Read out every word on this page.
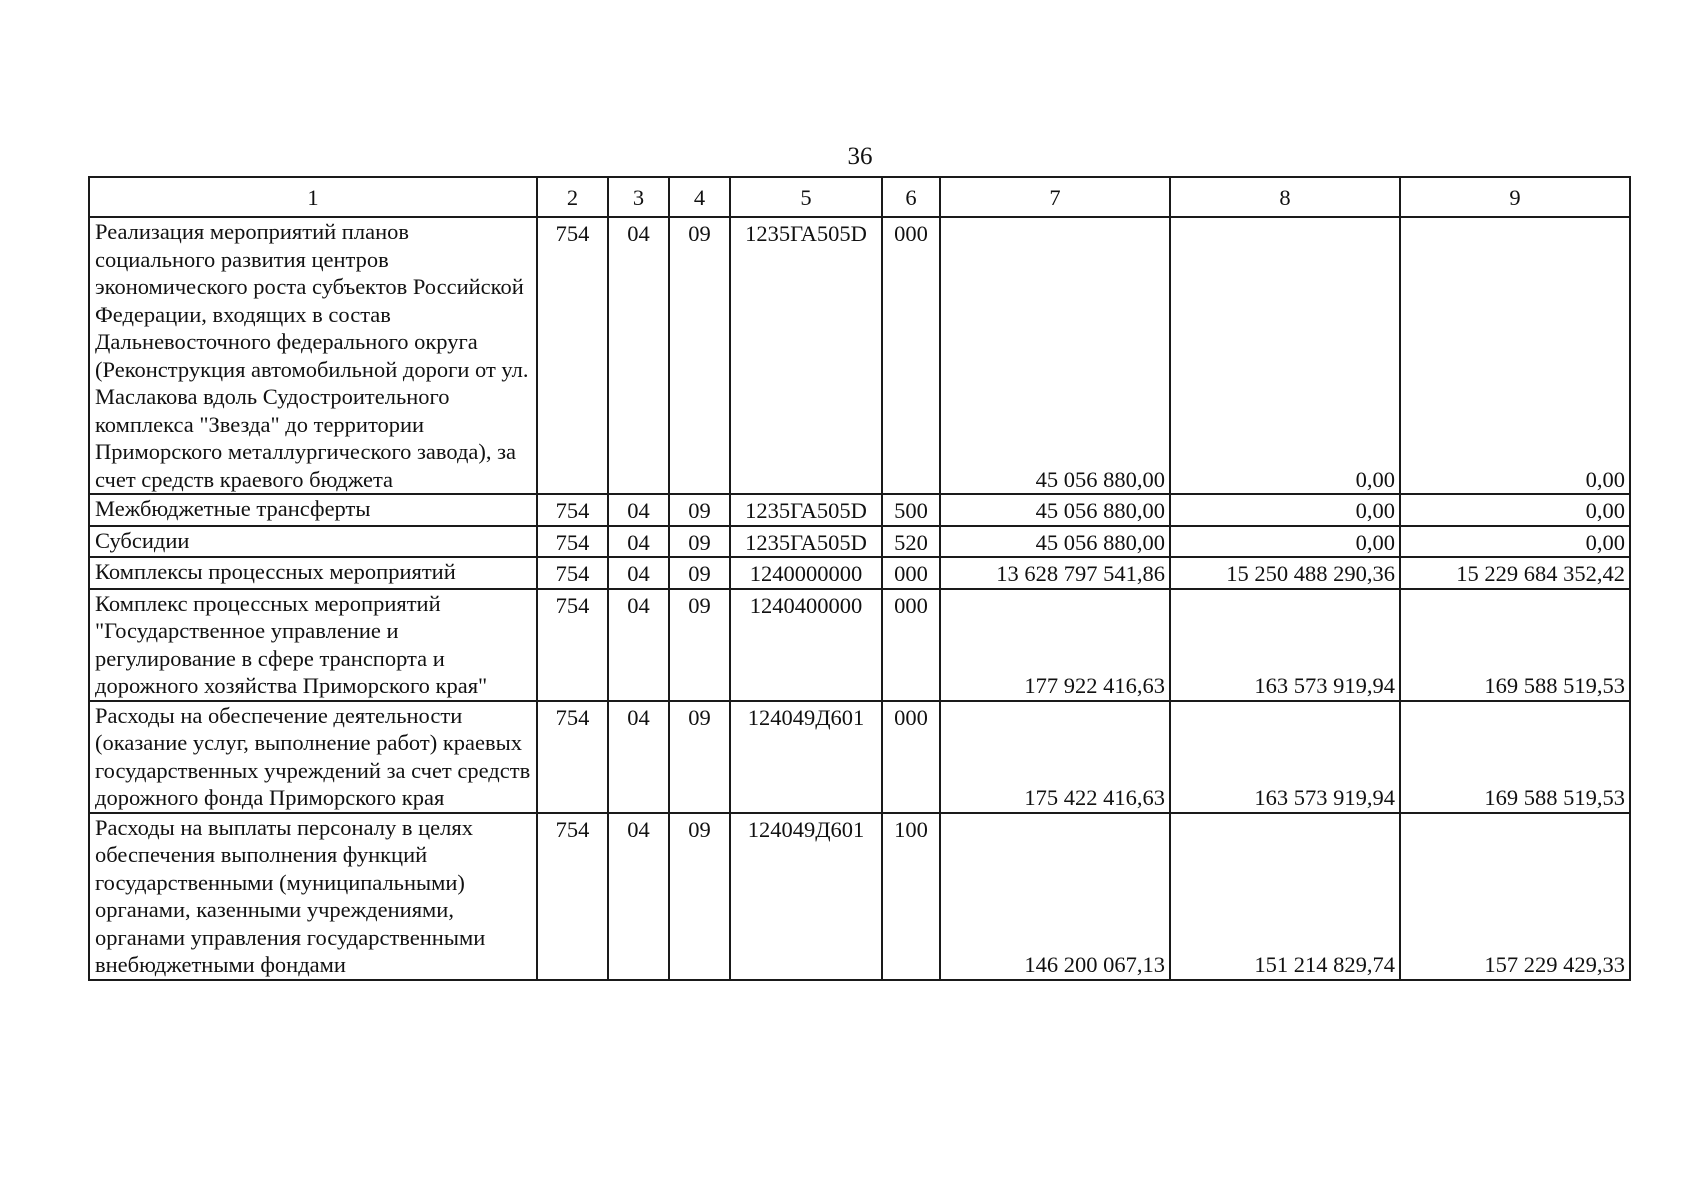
36
1	2	3	4	5	6	7	8	9
Реализация мероприятий планов социального развития центров экономического роста субъектов Российской Федерации, входящих в состав Дальневосточного федерального округа (Реконструкция автомобильной дороги от ул. Маслакова вдоль Судостроительного комплекса "Звезда" до территории Приморского металлургического завода), за счет средств краевого бюджета	754	04	09	1235ГА505D	000	45 056 880,00	0,00	0,00
Межбюджетные трансферты	754	04	09	1235ГА505D	500	45 056 880,00	0,00	0,00
Субсидии	754	04	09	1235ГА505D	520	45 056 880,00	0,00	0,00
Комплексы процессных мероприятий	754	04	09	1240000000	000	13 628 797 541,86	15 250 488 290,36	15 229 684 352,42
Комплекс процессных мероприятий "Государственное управление и регулирование в сфере транспорта и дорожного хозяйства Приморского края"	754	04	09	1240400000	000	177 922 416,63	163 573 919,94	169 588 519,53
Расходы на обеспечение деятельности (оказание услуг, выполнение работ) краевых государственных учреждений за счет средств дорожного фонда Приморского края	754	04	09	124049Д601	000	175 422 416,63	163 573 919,94	169 588 519,53
Расходы на выплаты персоналу в целях обеспечения выполнения функций государственными (муниципальными) органами, казенными учреждениями, органами управления государственными внебюджетными фондами	754	04	09	124049Д601	100	146 200 067,13	151 214 829,74	157 229 429,33
